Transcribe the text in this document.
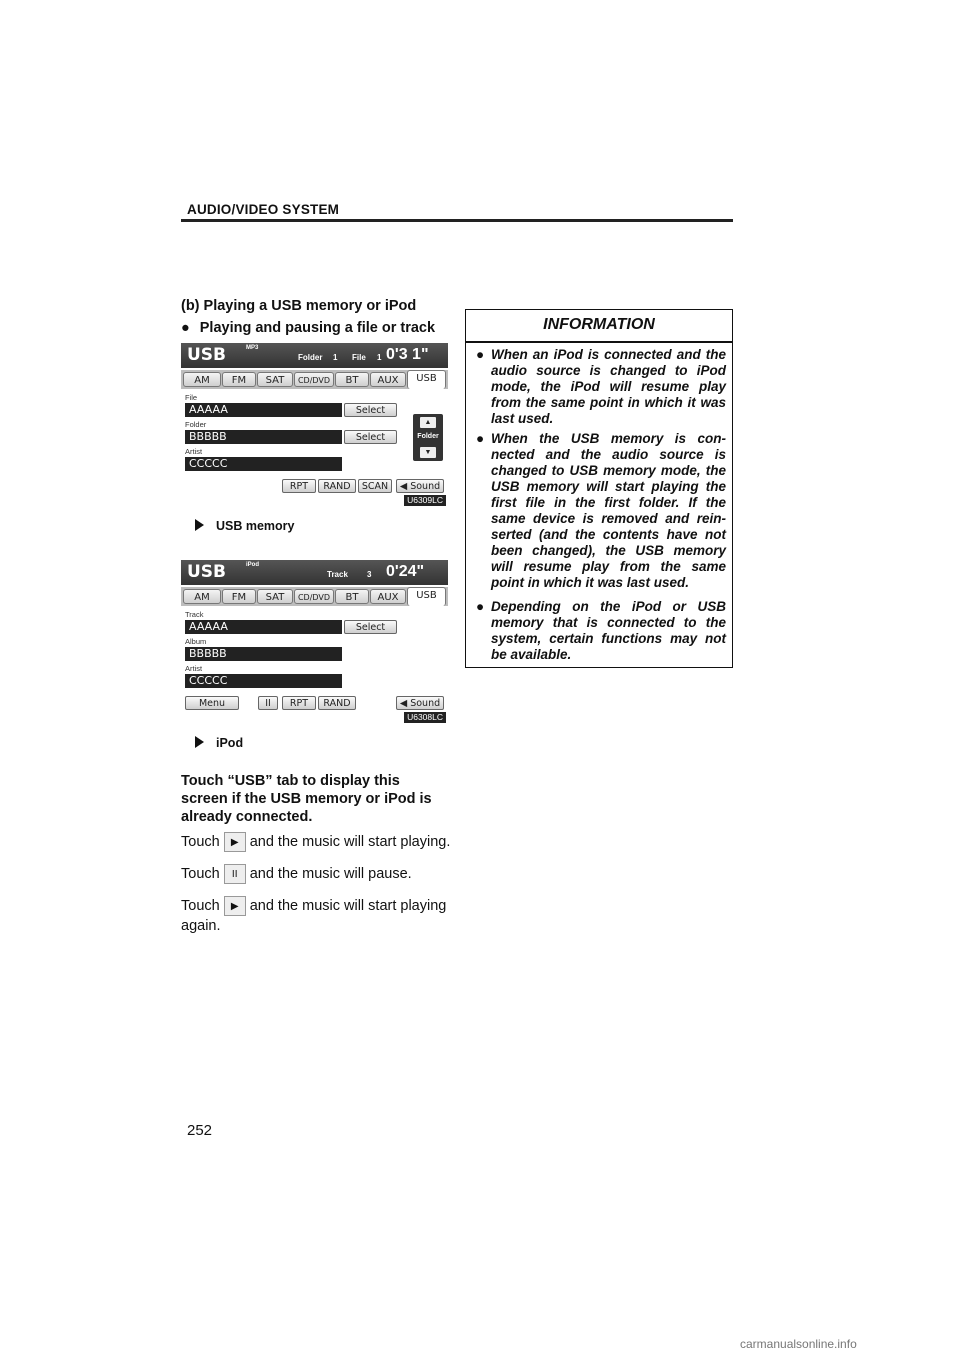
AUDIO/VIDEO SYSTEM
(b) Playing a USB memory or iPod
● Playing and pausing a file or track
USB	MP3
Folder 1 File 1 0'3 1"
AM	FM	SAT	CD/DVD	BT	AUX	USB
File
AAAAA
Folder
BBBBB
Artist
CCCCC
Select
Select
▲
Folder
▼
RPT	RAND	SCAN	◀ Sound
U6309LC
USB memory
USB	iPod
Track 3 0'24"
AM	FM	SAT	CD/DVD	BT	AUX	USB
Track
AAAAA
Album
BBBBB
Artist
CCCCC
Select
Menu	II	RPT	RAND	◀ Sound
U6308LC
iPod
Touch “USB” tab to display this screen if the USB memory or iPod is already connected.
Touch ▶ and the music will start playing.
Touch II and the music will pause.
Touch ▶ and the music will start playing
again.
INFORMATION
● When an iPod is connected and the audio source is changed to iPod mode, the iPod will resume play from the same point in which it was last used.
● When the USB memory is con-nected and the audio source is changed to USB memory mode, the USB memory will start playing the first file in the first folder. If the same device is removed and rein-serted (and the contents have not been changed), the USB memory will resume play from the same point in which it was last used.
● Depending on the iPod or USB memory that is connected to the system, certain functions may not be available.
252
carmanualsonline.info
